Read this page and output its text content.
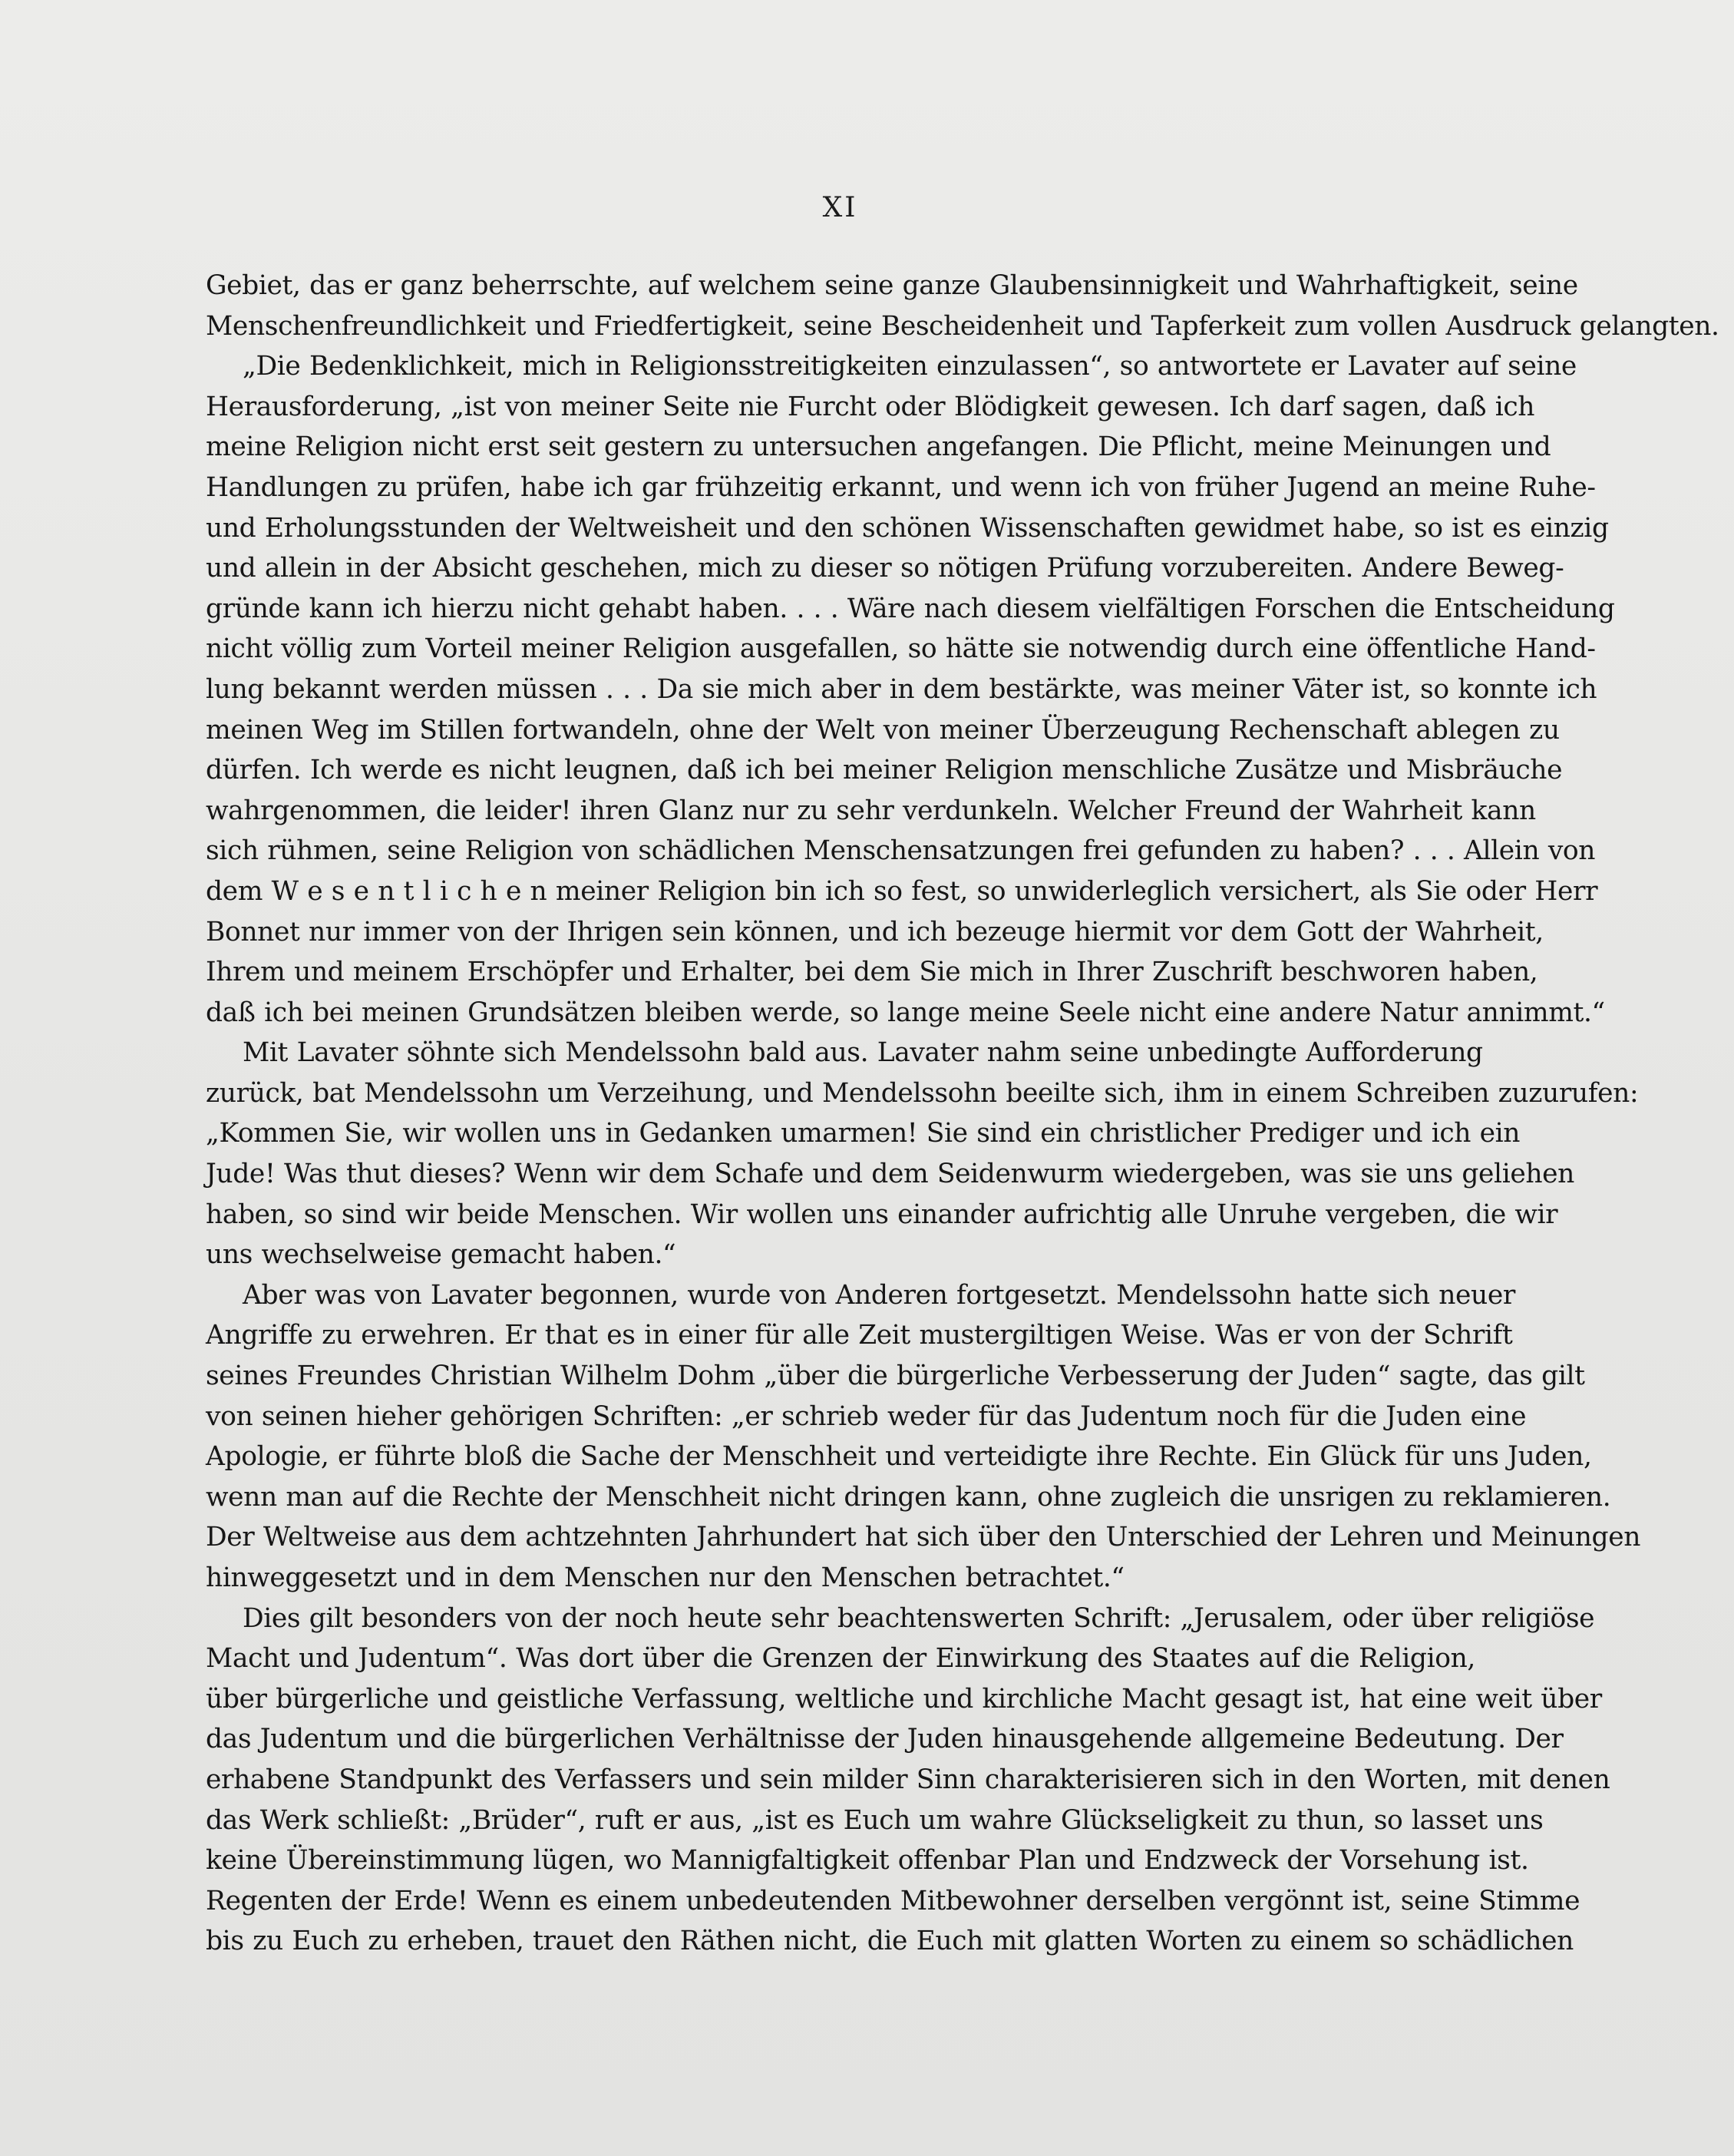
XI
Gebiet, das er ganz beherrschte, auf welchem seine ganze Glaubensinnigkeit und Wahrhaftigkeit, seine
Menschenfreundlichkeit und Friedfertigkeit, seine Bescheidenheit und Tapferkeit zum vollen Ausdruck gelangten.
„Die Bedenklichkeit, mich in Religionsstreitigkeiten einzulassen“, so antwortete er Lavater auf seine
Herausforderung, „ist von meiner Seite nie Furcht oder Blödigkeit gewesen. Ich darf sagen, daß ich
meine Religion nicht erst seit gestern zu untersuchen angefangen. Die Pflicht, meine Meinungen und
Handlungen zu prüfen, habe ich gar frühzeitig erkannt, und wenn ich von früher Jugend an meine Ruhe-
und Erholungsstunden der Weltweisheit und den schönen Wissenschaften gewidmet habe, so ist es einzig
und allein in der Absicht geschehen, mich zu dieser so nötigen Prüfung vorzubereiten. Andere Beweg-
gründe kann ich hierzu nicht gehabt haben. . . . Wäre nach diesem vielfältigen Forschen die Entscheidung
nicht völlig zum Vorteil meiner Religion ausgefallen, so hätte sie notwendig durch eine öffentliche Hand-
lung bekannt werden müssen . . . Da sie mich aber in dem bestärkte, was meiner Väter ist, so konnte ich
meinen Weg im Stillen fortwandeln, ohne der Welt von meiner Überzeugung Rechenschaft ablegen zu
dürfen. Ich werde es nicht leugnen, daß ich bei meiner Religion menschliche Zusätze und Misbräuche
wahrgenommen, die leider! ihren Glanz nur zu sehr verdunkeln. Welcher Freund der Wahrheit kann
sich rühmen, seine Religion von schädlichen Menschensatzungen frei gefunden zu haben? . . . Allein von
dem W e s e n t l i c h e n meiner Religion bin ich so fest, so unwiderleglich versichert, als Sie oder Herr
Bonnet nur immer von der Ihrigen sein können, und ich bezeuge hiermit vor dem Gott der Wahrheit,
Ihrem und meinem Erschöpfer und Erhalter, bei dem Sie mich in Ihrer Zuschrift beschworen haben,
daß ich bei meinen Grundsätzen bleiben werde, so lange meine Seele nicht eine andere Natur annimmt.“
Mit Lavater söhnte sich Mendelssohn bald aus. Lavater nahm seine unbedingte Aufforderung
zurück, bat Mendelssohn um Verzeihung, und Mendelssohn beeilte sich, ihm in einem Schreiben zuzurufen:
„Kommen Sie, wir wollen uns in Gedanken umarmen! Sie sind ein christlicher Prediger und ich ein
Jude! Was thut dieses? Wenn wir dem Schafe und dem Seidenwurm wiedergeben, was sie uns geliehen
haben, so sind wir beide Menschen. Wir wollen uns einander aufrichtig alle Unruhe vergeben, die wir
uns wechselweise gemacht haben.“
Aber was von Lavater begonnen, wurde von Anderen fortgesetzt. Mendelssohn hatte sich neuer
Angriffe zu erwehren. Er that es in einer für alle Zeit mustergiltigen Weise. Was er von der Schrift
seines Freundes Christian Wilhelm Dohm „über die bürgerliche Verbesserung der Juden“ sagte, das gilt
von seinen hieher gehörigen Schriften: „er schrieb weder für das Judentum noch für die Juden eine
Apologie, er führte bloß die Sache der Menschheit und verteidigte ihre Rechte. Ein Glück für uns Juden,
wenn man auf die Rechte der Menschheit nicht dringen kann, ohne zugleich die unsrigen zu reklamieren.
Der Weltweise aus dem achtzehnten Jahrhundert hat sich über den Unterschied der Lehren und Meinungen
hinweggesetzt und in dem Menschen nur den Menschen betrachtet.“
Dies gilt besonders von der noch heute sehr beachtenswerten Schrift: „Jerusalem, oder über religiöse
Macht und Judentum“. Was dort über die Grenzen der Einwirkung des Staates auf die Religion,
über bürgerliche und geistliche Verfassung, weltliche und kirchliche Macht gesagt ist, hat eine weit über
das Judentum und die bürgerlichen Verhältnisse der Juden hinausgehende allgemeine Bedeutung. Der
erhabene Standpunkt des Verfassers und sein milder Sinn charakterisieren sich in den Worten, mit denen
das Werk schließt: „Brüder“, ruft er aus, „ist es Euch um wahre Glückseligkeit zu thun, so lasset uns
keine Übereinstimmung lügen, wo Mannigfaltigkeit offenbar Plan und Endzweck der Vorsehung ist.
Regenten der Erde! Wenn es einem unbedeutenden Mitbewohner derselben vergönnt ist, seine Stimme
bis zu Euch zu erheben, trauet den Räthen nicht, die Euch mit glatten Worten zu einem so schädlichen
